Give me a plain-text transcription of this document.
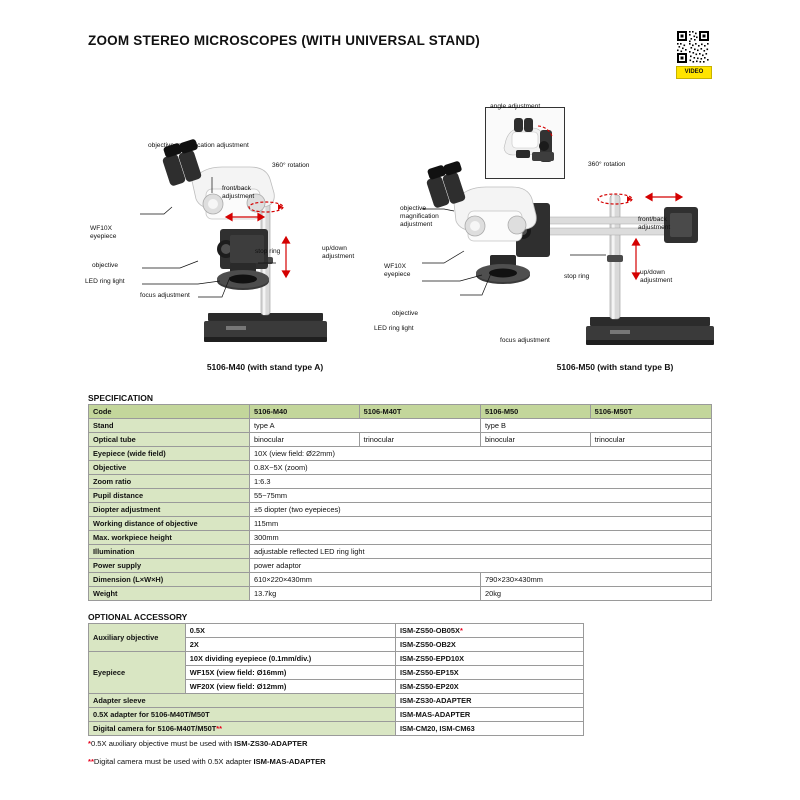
ZOOM STEREO MICROSCOPES (WITH UNIVERSAL STAND)
VIDEO
objective magnification adjustment
360° rotation
front/back adjustment
WF10X eyepiece
stop ring	up/down adjustment
objective
LED ring light
focus adjustment
angle adjustment
objective magnification adjustment
360° rotation
front/back adjustment
WF10X eyepiece	stop ring
up/down adjustment
objective
LED ring light
focus adjustment
5106-M40 (with stand type A)	5106-M50 (with stand type B)
SPECIFICATION
Code	5106-M40	5106-M40T	5106-M50	5106-M50T
Stand	type A		type B	
Optical tube	binocular	trinocular	binocular	trinocular
Eyepiece (wide field)	10X (view field: Ø22mm)			
Objective	0.8X~5X (zoom)			
Zoom ratio	1:6.3			
Pupil distance	55~75mm			
Diopter adjustment	±5 diopter (two eyepieces)			
Working distance of objective	115mm			
Max. workpiece height	300mm			
Illumination	adjustable reflected LED ring light			
Power supply	power adaptor			
Dimension (L×W×H)	610×220×430mm		790×230×430mm	
Weight	13.7kg		20kg	
OPTIONAL ACCESSORY
Auxiliary objective	0.5X	ISM-ZS50-OB05X*
	2X	ISM-ZS50-OB2X
Eyepiece	10X dividing eyepiece (0.1mm/div.)	ISM-ZS50-EPD10X
	WF15X (view field: Ø16mm)	ISM-ZS50-EP15X
	WF20X (view field: Ø12mm)	ISM-ZS50-EP20X
Adapter sleeve		ISM-ZS30-ADAPTER
0.5X adapter for 5106-M40T/M50T		ISM-MAS-ADAPTER
Digital camera for 5106-M40T/M50T**		ISM-CM20, ISM-CM63
*0.5X auxiliary objective must be used with ISM-ZS30-ADAPTER
**Digital camera must be used with 0.5X adapter ISM-MAS-ADAPTER
